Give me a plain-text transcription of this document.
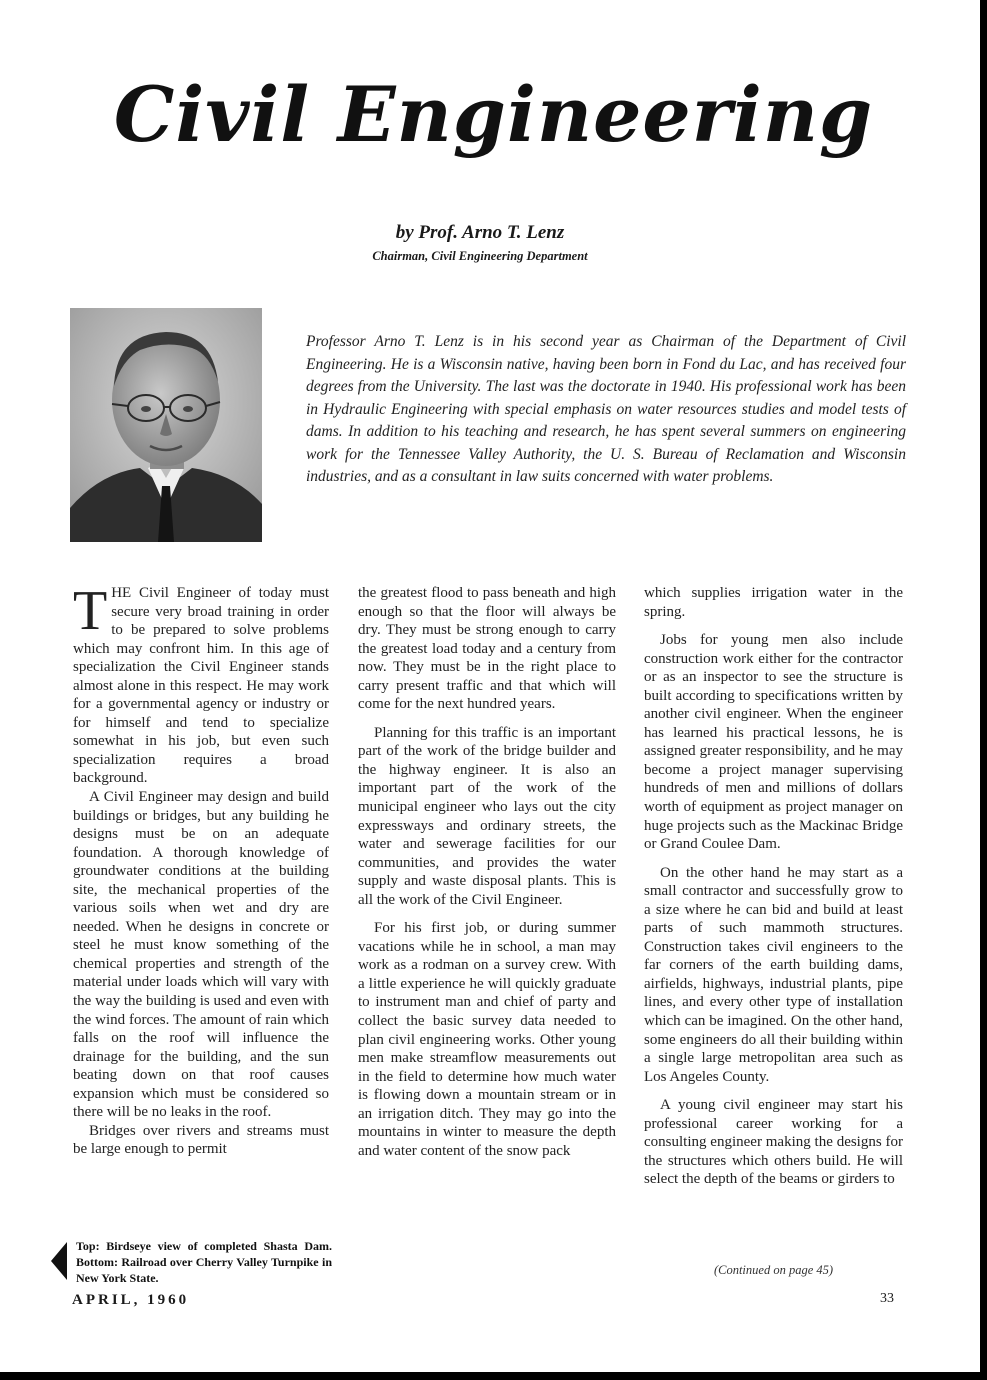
Civil Engineering
by Prof. Arno T. Lenz
Chairman, Civil Engineering Department

Professor Arno T. Lenz is in his second year as Chairman of the Department of Civil Engineering. He is a Wisconsin native, having been born in Fond du Lac, and has received four degrees from the University. The last was the doctorate in 1940. His professional work has been in Hydraulic Engineering with special emphasis on water resources studies and model tests of dams. In addition to his teaching and research, he has spent several summers on engineering work for the Tennessee Valley Authority, the U. S. Bureau of Reclamation and Wisconsin industries, and as a consultant in law suits concerned with water problems.

THE Civil Engineer of today must secure very broad training in order to be prepared to solve problems which may confront him. In this age of specialization the Civil Engineer stands almost alone in this respect. He may work for a governmental agency or industry or for himself and tend to specialize somewhat in his job, but even such specialization requires a broad background.

A Civil Engineer may design and build buildings or bridges, but any building he designs must be on an adequate foundation. A thorough knowledge of groundwater conditions at the building site, the mechanical properties of the various soils when wet and dry are needed. When he designs in concrete or steel he must know something of the chemical properties and strength of the material under loads which will vary with the way the building is used and even with the wind forces. The amount of rain which falls on the roof will influence the drainage for the building, and the sun beating down on that roof causes expansion which must be considered so there will be no leaks in the roof.

Bridges over rivers and streams must be large enough to permit

the greatest flood to pass beneath and high enough so that the floor will always be dry. They must be strong enough to carry the greatest load today and a century from now. They must be in the right place to carry present traffic and that which will come for the next hundred years.

Planning for this traffic is an important part of the work of the bridge builder and the highway engineer. It is also an important part of the work of the municipal engineer who lays out the city expressways and ordinary streets, the water and sewerage facilities for our communities, and provides the water supply and waste disposal plants. This is all the work of the Civil Engineer.

For his first job, or during summer vacations while he in school, a man may work as a rodman on a survey crew. With a little experience he will quickly graduate to instrument man and chief of party and collect the basic survey data needed to plan civil engineering works. Other young men make streamflow measurements out in the field to determine how much water is flowing down a mountain stream or in an irrigation ditch. They may go into the mountains in winter to measure the depth and water content of the snow pack

which supplies irrigation water in the spring.

Jobs for young men also include construction work either for the contractor or as an inspector to see the structure is built according to specifications written by another civil engineer. When the engineer has learned his practical lessons, he is assigned greater responsibility, and he may become a project manager supervising hundreds of men and millions of dollars worth of equipment as project manager on huge projects such as the Mackinac Bridge or Grand Coulee Dam.

On the other hand he may start as a small contractor and successfully grow to a size where he can bid and build at least parts of such mammoth structures. Construction takes civil engineers to the far corners of the earth building dams, airfields, highways, industrial plants, pipe lines, and every other type of installation which can be imagined. On the other hand, some engineers do all their building within a single large metropolitan area such as Los Angeles County.

A young civil engineer may start his professional career working for a consulting engineer making the designs for the structures which others build. He will select the depth of the beams or girders to

Top: Birdseye view of completed Shasta Dam. Bottom: Railroad over Cherry Valley Turnpike in New York State.

(Continued on page 45)
APRIL, 1960	33
